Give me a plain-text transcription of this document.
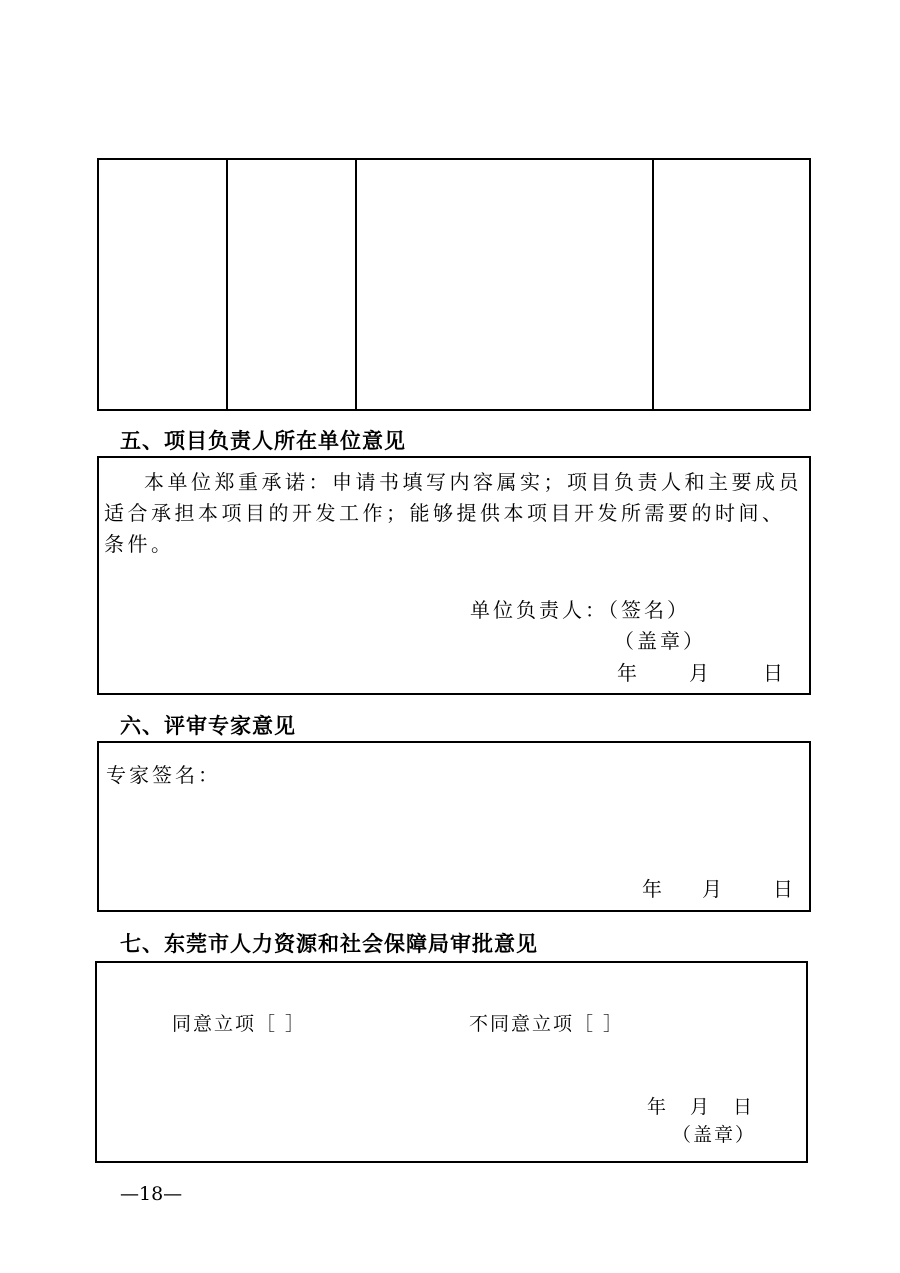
五、项目负责人所在单位意见
本单位郑重承诺：申请书填写内容属实；项目负责人和主要成员适合承担本项目的开发工作；能够提供本项目开发所需要的时间、条件。
单位负责人：（签名）
（盖章）
年 月	日
六、评审专家意见
专家签名：
年 月 日
七、东莞市人力资源和社会保障局审批意见
同意立项［ ］	不同意立项［ ］
年 月 日
（盖章）
—18—
